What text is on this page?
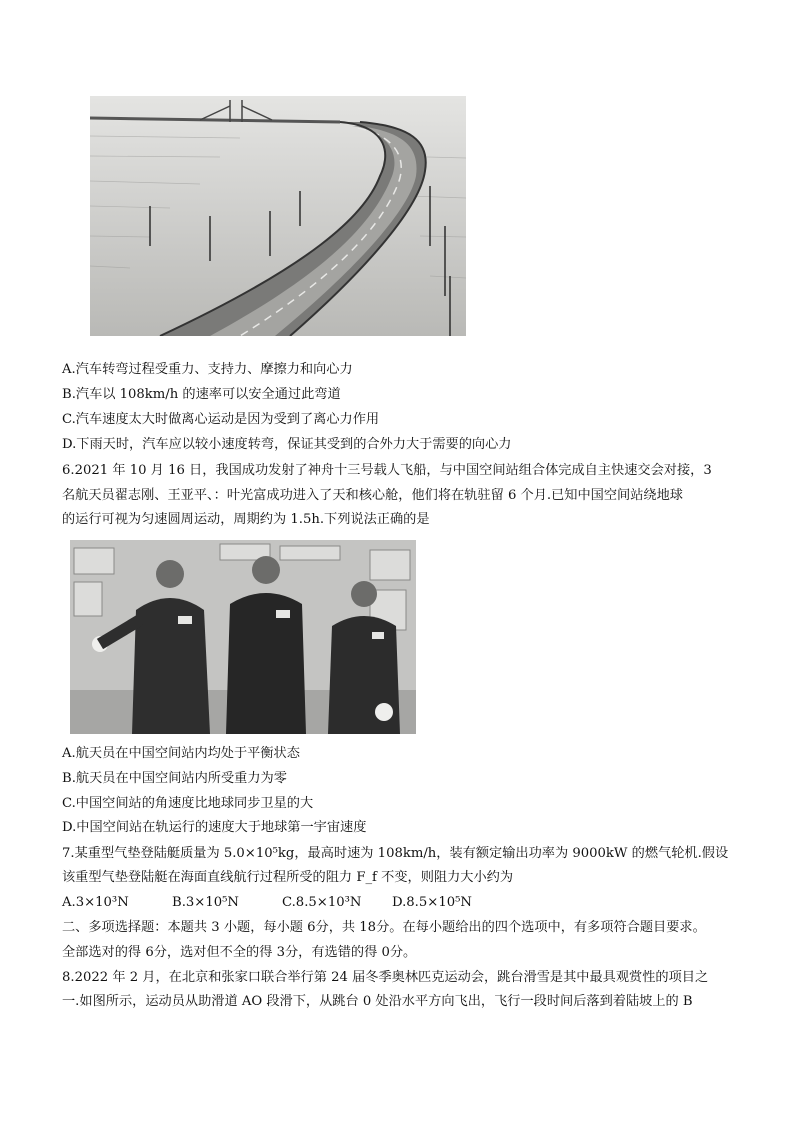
A.汽车转弯过程受重力、支持力、摩擦力和向心力
B.汽车以 108km/h 的速率可以安全通过此弯道
C.汽车速度太大时做离心运动是因为受到了离心力作用
D.下雨天时，汽车应以较小速度转弯，保证其受到的合外力大于需要的向心力
6.2021 年 10 月 16 日，我国成功发射了神舟十三号载人飞船，与中国空间站组合体完成自主快速交会对接，3
名航天员翟志刚、王亚平、：叶光富成功进入了天和核心舱，他们将在轨驻留 6 个月.已知中国空间站绕地球
的运行可视为匀速圆周运动，周期约为 1.5h.下列说法正确的是
A.航天员在中国空间站内均处于平衡状态
B.航天员在中国空间站内所受重力为零
C.中国空间站的角速度比地球同步卫星的大
D.中国空间站在轨运行的速度大于地球第一宇宙速度
7.某重型气垫登陆艇质量为 5.0×10⁵kg，最高时速为 108km/h，装有额定输出功率为 9000kW 的燃气轮机.假设
该重型气垫登陆艇在海面直线航行过程所受的阻力 F_f 不变，则阻力大小约为
A.3×10³N	B.3×10⁵N	C.8.5×10³N D.8.5×10⁵N
二、多项选择题：本题共 3 小题，每小题 6分，共 18分。在每小题给出的四个选项中，有多项符合题目要求。
全部选对的得 6分，选对但不全的得 3分，有选错的得 0分。
8.2022 年 2 月，在北京和张家口联合举行第 24 届冬季奥林匹克运动会，跳台滑雪是其中最具观赏性的项目之
一.如图所示，运动员从助滑道 AO 段滑下，从跳台 0 处沿水平方向飞出，飞行一段时间后落到着陆坡上的 B
